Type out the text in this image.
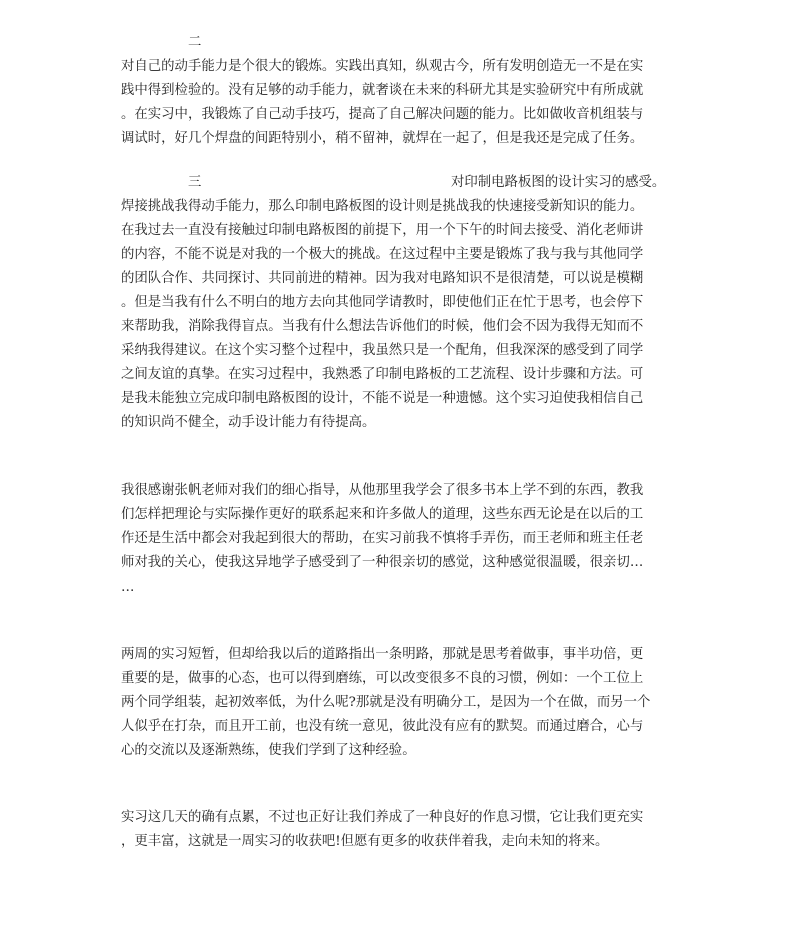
二
对自己的动手能力是个很大的锻炼。实践出真知，纵观古今，所有发明创造无一不是在实
践中得到检验的。没有足够的动手能力，就奢谈在未来的科研尤其是实验研究中有所成就
。在实习中，我锻炼了自己动手技巧，提高了自己解决问题的能力。比如做收音机组装与
调试时，好几个焊盘的间距特别小，稍不留神，就焊在一起了，但是我还是完成了任务。
三	对印制电路板图的设计实习的感受。
焊接挑战我得动手能力，那么印制电路板图的设计则是挑战我的快速接受新知识的能力。
在我过去一直没有接触过印制电路板图的前提下，用一个下午的时间去接受、消化老师讲
的内容，不能不说是对我的一个极大的挑战。在这过程中主要是锻炼了我与我与其他同学
的团队合作、共同探讨、共同前进的精神。因为我对电路知识不是很清楚，可以说是模糊
。但是当我有什么不明白的地方去向其他同学请教时，即使他们正在忙于思考，也会停下
来帮助我，消除我得盲点。当我有什么想法告诉他们的时候，他们会不因为我得无知而不
采纳我得建议。在这个实习整个过程中，我虽然只是一个配角，但我深深的感受到了同学
之间友谊的真挚。在实习过程中，我熟悉了印制电路板的工艺流程、设计步骤和方法。可
是我未能独立完成印制电路板图的设计，不能不说是一种遗憾。这个实习迫使我相信自己
的知识尚不健全，动手设计能力有待提高。
我很感谢张帆老师对我们的细心指导，从他那里我学会了很多书本上学不到的东西，教我
们怎样把理论与实际操作更好的联系起来和许多做人的道理，这些东西无论是在以后的工
作还是生活中都会对我起到很大的帮助，在实习前我不慎将手弄伤，而王老师和班主任老
师对我的关心，使我这异地学子感受到了一种很亲切的感觉，这种感觉很温暖，很亲切…
…
两周的实习短暂，但却给我以后的道路指出一条明路，那就是思考着做事，事半功倍，更
重要的是，做事的心态，也可以得到磨练，可以改变很多不良的习惯，例如：一个工位上
两个同学组装，起初效率低，为什么呢?那就是没有明确分工，是因为一个在做，而另一个
人似乎在打杂，而且开工前，也没有统一意见，彼此没有应有的默契。而通过磨合，心与
心的交流以及逐渐熟练，使我们学到了这种经验。
实习这几天的确有点累，不过也正好让我们养成了一种良好的作息习惯，它让我们更充实
，更丰富，这就是一周实习的收获吧!但愿有更多的收获伴着我，走向未知的将来。
